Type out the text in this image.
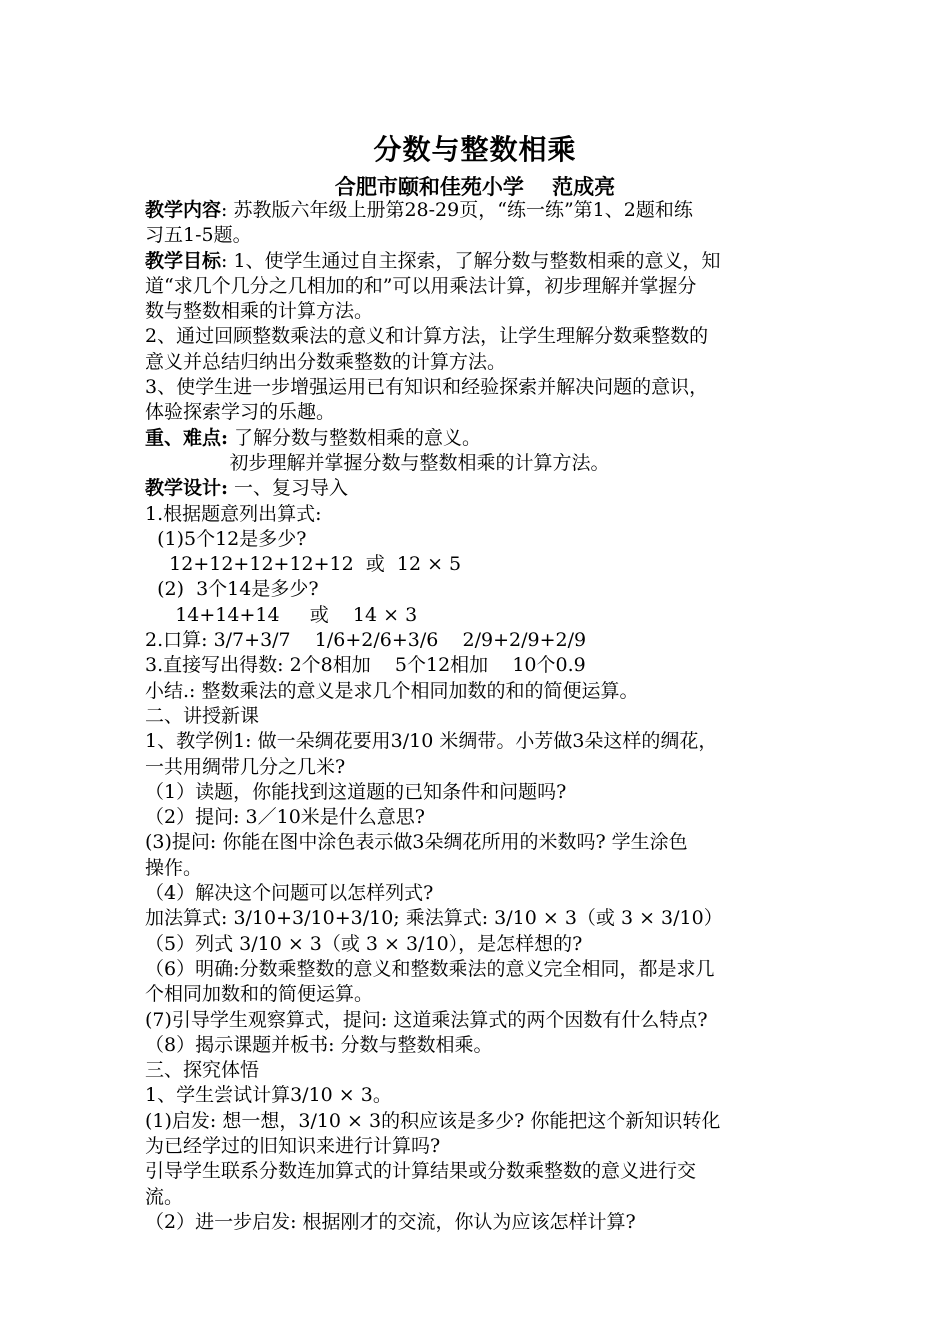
分数与整数相乘
合肥市颐和佳苑小学　 范成亮
教学内容: 苏教版六年级上册第28-29页，“练一练”第1、2题和练
习五1-5题。
教学目标: 1、使学生通过自主探索，了解分数与整数相乘的意义，知
道“求几个几分之几相加的和”可以用乘法计算，初步理解并掌握分
数与整数相乘的计算方法。
2、通过回顾整数乘法的意义和计算方法，让学生理解分数乘整数的
意义并总结归纳出分数乘整数的计算方法。
3、使学生进一步增强运用已有知识和经验探索并解决问题的意识，
体验探索学习的乐趣。
重、难点: 了解分数与整数相乘的意义。
初步理解并掌握分数与整数相乘的计算方法。
教学设计: 一、复习导入
1.根据题意列出算式:
(1)5个12是多少?
12+12+12+12+12  或  12 × 5
(2)  3个14是多少?
14+14+14     或    14 × 3
2.口算: 3/7+3/7    1/6+2/6+3/6    2/9+2/9+2/9
3.直接写出得数: 2个8相加    5个12相加    10个0.9
小结.: 整数乘法的意义是求几个相同加数的和的简便运算。
二、讲授新课
1、教学例1: 做一朵绸花要用3/10 米绸带。小芳做3朵这样的绸花，
一共用绸带几分之几米?
（1）读题，你能找到这道题的已知条件和问题吗?
（2）提问: 3／10米是什么意思?
(3)提问: 你能在图中涂色表示做3朵绸花所用的米数吗? 学生涂色
操作。
（4）解决这个问题可以怎样列式?
加法算式: 3/10+3/10+3/10; 乘法算式: 3/10 × 3（或 3 × 3/10）
（5）列式 3/10 × 3（或 3 × 3/10），是怎样想的?
（6）明确:分数乘整数的意义和整数乘法的意义完全相同，都是求几
个相同加数和的简便运算。
(7)引导学生观察算式，提问: 这道乘法算式的两个因数有什么特点?
（8）揭示课题并板书: 分数与整数相乘。
三、探究体悟
1、学生尝试计算3/10 × 3。
(1)启发: 想一想，3/10 × 3的积应该是多少? 你能把这个新知识转化
为已经学过的旧知识来进行计算吗?
引导学生联系分数连加算式的计算结果或分数乘整数的意义进行交
流。
（2）进一步启发: 根据刚才的交流，你认为应该怎样计算?
